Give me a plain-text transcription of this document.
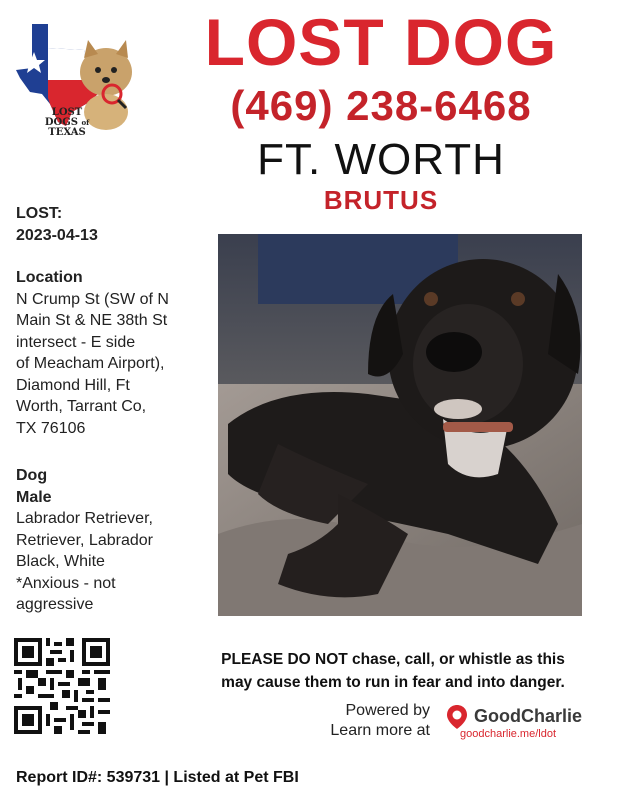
LOST
DOGS of
TEXAS
LOST DOG
(469) 238-6468
FT. WORTH
BRUTUS
LOST:
2023-04-13
Location
N Crump St (SW of N
Main St & NE 38th St
intersect - E side
of Meacham Airport),
Diamond Hill, Ft
Worth, Tarrant Co,
TX 76106
Dog
Male
Labrador Retriever,
Retriever, Labrador
Black, White
*Anxious - not
aggressive
PLEASE DO NOT chase, call, or whistle as this
may cause them to run in fear and into danger.
Powered by
Learn more at
GoodCharlie
goodcharlie.me/ldot
Report ID#: 539731 | Listed at Pet FBI
